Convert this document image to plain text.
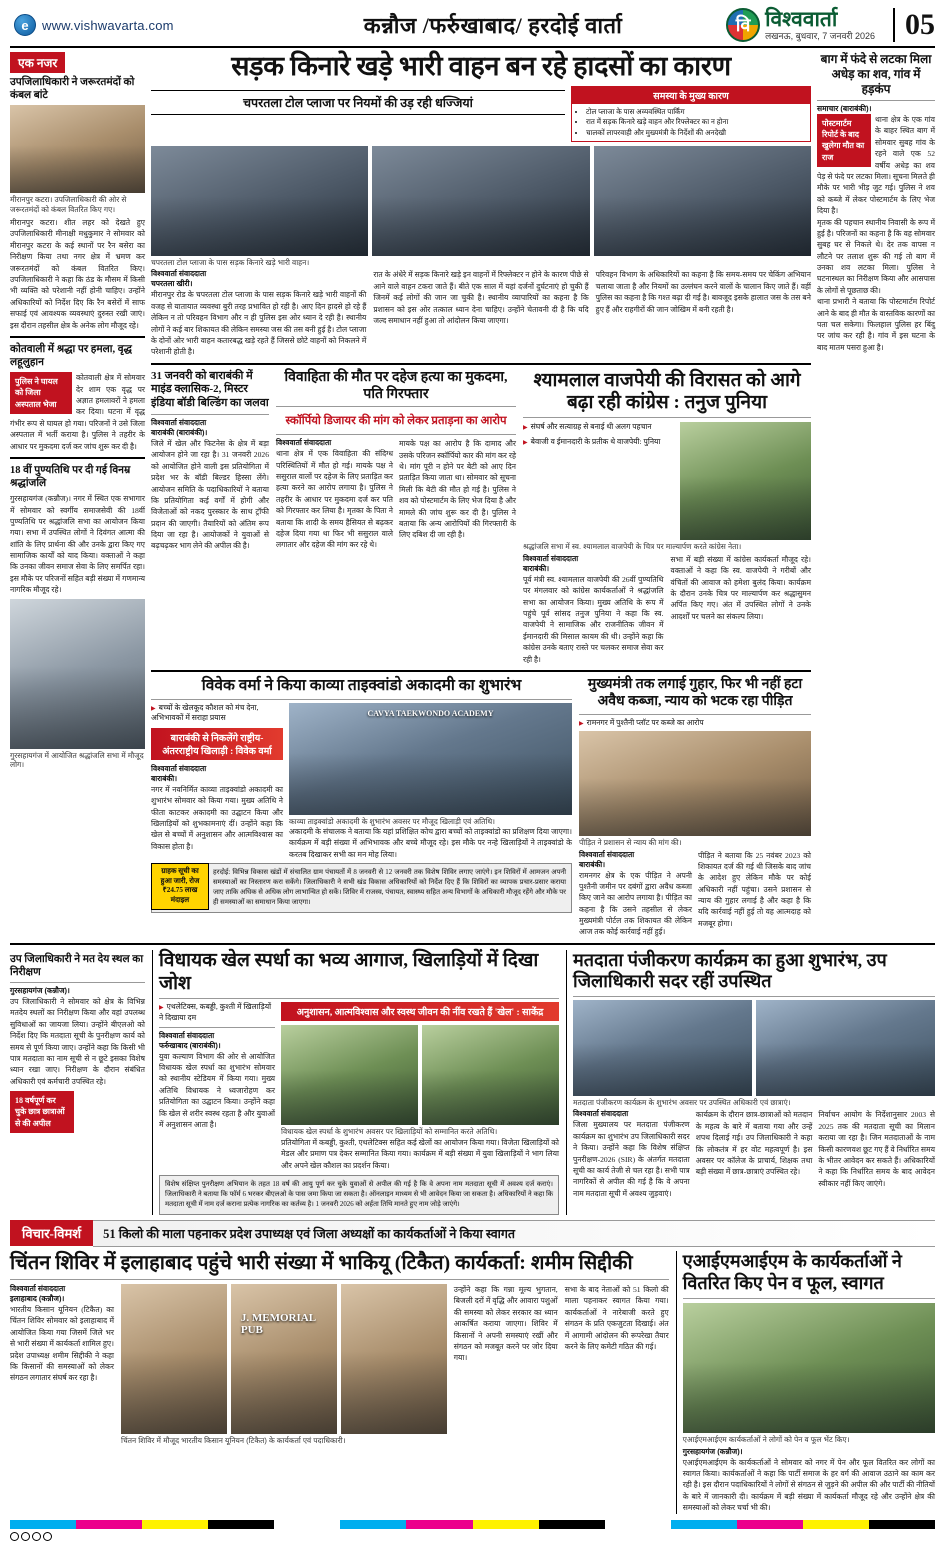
e	www.vishwavarta.com	कन्नौज /फर्रुखाबाद/ हरदोई वार्ता	वि विश्ववार्ता
लखनऊ, बुधवार, 7 जनवरी 2026	05
एक नजर
उपजिलाधिकारी ने जरूरतमंदों को कंबल बांटे
मीरानपुर कटरा। उपजिलाधिकारी की ओर से जरूरतमंदों को कंबल वितरित किए गए।
मीरानपुर कटरा। शीत लहर को देखते हुए उपजिलाधिकारी मीनाक्षी मधुकुमार ने सोमवार को मीरानपुर कटरा के कई स्थानों पर रैन बसेरा का निरीक्षण किया तथा नगर क्षेत्र में भ्रमण कर जरूरतमंदों को कंबल वितरित किए। उपजिलाधिकारी ने कहा कि ठंड के मौसम में किसी भी व्यक्ति को परेशानी नहीं होनी चाहिए। उन्होंने अधिकारियों को निर्देश दिए कि रैन बसेरों में साफ सफाई एवं आवश्यक व्यवस्थाएं दुरुस्त रखी जाएं। इस दौरान तहसील क्षेत्र के अनेक लोग मौजूद रहे।
कोतवाली में श्रद्धा पर हमला, वृद्ध लहूलुहान
पुलिस ने घायल को जिला अस्पताल भेजा
कोतवाली क्षेत्र में सोमवार देर शाम एक वृद्ध पर अज्ञात हमलावरों ने हमला कर दिया। घटना में वृद्ध गंभीर रूप से घायल हो गया। परिजनों ने उसे जिला अस्पताल में भर्ती कराया है। पुलिस ने तहरीर के आधार पर मुकदमा दर्ज कर जांच शुरू कर दी है।
18 वीं पुण्यतिथि पर दी गई विनम्र श्रद्धांजलि
गुरसहायगंज (कन्नौज)। नगर में स्थित एक सभागार में सोमवार को स्वर्गीय समाजसेवी की 18वीं पुण्यतिथि पर श्रद्धांजलि सभा का आयोजन किया गया। सभा में उपस्थित लोगों ने दिवंगत आत्मा की शांति के लिए प्रार्थना की और उनके द्वारा किए गए सामाजिक कार्यों को याद किया। वक्ताओं ने कहा कि उनका जीवन समाज सेवा के लिए समर्पित रहा। इस मौके पर परिजनों सहित बड़ी संख्या में गणमान्य नागरिक मौजूद रहे।
गुरसहायगंज में आयोजित श्रद्धांजलि सभा में मौजूद लोग।
सड़क किनारे खड़े भारी वाहन बन रहे हादसों का कारण
चपरतला टोल प्लाजा पर नियमों की उड़ रही धज्जियां	समस्या के मुख्य कारण
• टोल प्लाजा के पास अव्यवस्थित पार्किंग
• रात में सड़क किनारे खड़े वाहन और रिफ्लेक्टर का न होना
• चालकों लापरवाही और मुख्यमंत्री के निर्देशों की अनदेखी
चपरतला टोल प्लाजा के पास सड़क किनारे खड़े भारी वाहन।
विश्ववार्ता संवाददाता
चपरतला खीरी।
मीरानपुर रोड के चपरतला टोल प्लाजा के पास सड़क किनारे खड़े भारी वाहनों की वजह से यातायात व्यवस्था बुरी तरह प्रभावित हो रही है। आए दिन हादसे हो रहे हैं लेकिन न तो परिवहन विभाग और न ही पुलिस इस ओर ध्यान दे रही है। स्थानीय लोगों ने कई बार शिकायत की लेकिन समस्या जस की तस बनी हुई है। टोल प्लाजा के दोनों ओर भारी वाहन कतारबद्ध खड़े रहते हैं जिससे छोटे वाहनों को निकलने में परेशानी होती है।
रात के अंधेरे में सड़क किनारे खड़े इन वाहनों में रिफ्लेक्टर न होने के कारण पीछे से आने वाले वाहन टकरा जाते हैं। बीते एक साल में यहां दर्जनों दुर्घटनाएं हो चुकी हैं जिनमें कई लोगों की जान जा चुकी है। स्थानीय व्यापारियों का कहना है कि प्रशासन को इस ओर तत्काल ध्यान देना चाहिए। उन्होंने चेतावनी दी है कि यदि जल्द समाधान नहीं हुआ तो आंदोलन किया जाएगा।
परिवहन विभाग के अधिकारियों का कहना है कि समय-समय पर चेकिंग अभियान चलाया जाता है और नियमों का उल्लंघन करने वालों के चालान किए जाते हैं। वहीं पुलिस का कहना है कि गश्त बढ़ा दी गई है। बावजूद इसके हालात जस के तस बने हुए हैं और राहगीरों की जान जोखिम में बनी रहती है।
31 जनवरी को बाराबंकी में माइंड क्लासिक-2, मिस्टर इंडिया बॉडी बिल्डिंग का जलवा
विश्ववार्ता संवाददाता
बाराबंकी (बाराबंकी)।
जिले में खेल और फिटनेस के क्षेत्र में बड़ा आयोजन होने जा रहा है। 31 जनवरी 2026 को आयोजित होने वाली इस प्रतियोगिता में प्रदेश भर के बॉडी बिल्डर हिस्सा लेंगे। आयोजन समिति के पदाधिकारियों ने बताया कि प्रतियोगिता कई वर्गों में होगी और विजेताओं को नकद पुरस्कार के साथ ट्रॉफी प्रदान की जाएगी। तैयारियों को अंतिम रूप दिया जा रहा है। आयोजकों ने युवाओं से बढ़चढ़कर भाग लेने की अपील की है।
विवाहिता की मौत पर दहेज हत्या का मुकदमा, पति गिरफ्तार
स्कॉर्पियो डिजायर की मांग को लेकर प्रताड़ना का आरोप
विश्ववार्ता संवाददाता
थाना क्षेत्र में एक विवाहिता की संदिग्ध परिस्थितियों में मौत हो गई। मायके पक्ष ने ससुराल वालों पर दहेज के लिए प्रताड़ित कर हत्या करने का आरोप लगाया है। पुलिस ने तहरीर के आधार पर मुकदमा दर्ज कर पति को गिरफ्तार कर लिया है। मृतका के पिता ने बताया कि शादी के समय हैसियत से बढ़कर दहेज दिया गया था फिर भी ससुराल वाले लगातार और दहेज की मांग कर रहे थे।
मायके पक्ष का आरोप है कि दामाद और उसके परिजन स्कॉर्पियो कार की मांग कर रहे थे। मांग पूरी न होने पर बेटी को आए दिन प्रताड़ित किया जाता था। सोमवार को सूचना मिली कि बेटी की मौत हो गई है। पुलिस ने शव को पोस्टमार्टम के लिए भेज दिया है और मामले की जांच शुरू कर दी है। पुलिस ने बताया कि अन्य आरोपियों की गिरफ्तारी के लिए दबिश दी जा रही है।
श्यामलाल वाजपेयी की विरासत को आगे बढ़ा रही कांग्रेस : तनुज पुनिया
▶ संघर्ष और सत्याग्रह से बनाई थी अलग पहचान
▶ बेवाजी व ईमानदारी के प्रतीक थे वाजपेयी: पुनिया
श्रद्धांजलि सभा में स्व. श्यामलाल वाजपेयी के चित्र पर माल्यार्पण करते कांग्रेस नेता।
विश्ववार्ता संवाददाता
बाराबंकी।
पूर्व मंत्री स्व. श्यामलाल वाजपेयी की 26वीं पुण्यतिथि पर मंगलवार को कांग्रेस कार्यकर्ताओं ने श्रद्धांजलि सभा का आयोजन किया। मुख्य अतिथि के रूप में पहुंचे पूर्व सांसद तनुज पुनिया ने कहा कि स्व. वाजपेयी ने सामाजिक और राजनीतिक जीवन में ईमानदारी की मिसाल कायम की थी। उन्होंने कहा कि कांग्रेस उनके बताए रास्ते पर चलकर समाज सेवा कर रही है।
सभा में बड़ी संख्या में कांग्रेस कार्यकर्ता मौजूद रहे। वक्ताओं ने कहा कि स्व. वाजपेयी ने गरीबों और वंचितों की आवाज को हमेशा बुलंद किया। कार्यक्रम के दौरान उनके चित्र पर माल्यार्पण कर श्रद्धासुमन अर्पित किए गए। अंत में उपस्थित लोगों ने उनके आदर्शों पर चलने का संकल्प लिया।
विवेक वर्मा ने किया काव्या ताइक्वांडो अकादमी का शुभारंभ
▶ बच्चों के खेलकूद कौशल को मंच देना, अभिभावकों में सराहा प्रयास
बाराबंकी से निकलेंगे राष्ट्रीय-अंतरराष्ट्रीय खिलाड़ी : विवेक वर्मा
विश्ववार्ता संवाददाता
बाराबंकी।
नगर में नवनिर्मित काव्या ताइक्वांडो अकादमी का शुभारंभ सोमवार को किया गया। मुख्य अतिथि ने फीता काटकर अकादमी का उद्घाटन किया और खिलाड़ियों को शुभकामनाएं दीं। उन्होंने कहा कि खेल से बच्चों में अनुशासन और आत्मविश्वास का विकास होता है।
CAVYA TAEKWONDO ACADEMY
काव्या ताइक्वांडो अकादमी के शुभारंभ अवसर पर मौजूद खिलाड़ी एवं अतिथि।
अकादमी के संचालक ने बताया कि यहां प्रशिक्षित कोच द्वारा बच्चों को ताइक्वांडो का प्रशिक्षण दिया जाएगा। कार्यक्रम में बड़ी संख्या में अभिभावक और बच्चे मौजूद रहे। इस मौके पर नन्हे खिलाड़ियों ने ताइक्वांडो के करतब दिखाकर सभी का मन मोह लिया।
ग्राहक सूची का हुआ जारी, रोज ₹24.75 लाख मंदाइल
हरदोई: विभिन्न विकास खंडों में संचालित ग्राम पंचायतों में 8 जनवरी से 12 जनवरी तक विशेष शिविर लगाए जाएंगे। इन शिविरों में आमजन अपनी समस्याओं का निस्तारण करा सकेंगे। जिलाधिकारी ने सभी खंड विकास अधिकारियों को निर्देश दिए हैं कि शिविरों का व्यापक प्रचार-प्रसार कराया जाए ताकि अधिक से अधिक लोग लाभान्वित हो सकें। शिविर में राजस्व, पंचायत, स्वास्थ्य सहित अन्य विभागों के अधिकारी मौजूद रहेंगे और मौके पर ही समस्याओं का समाधान किया जाएगा।
मुख्यमंत्री तक लगाई गुहार, फिर भी नहीं हटा अवैध कब्जा, न्याय को भटक रहा पीड़ित
▶ रामनगर में पुश्तैनी प्लॉट पर कब्जे का आरोप
पीड़ित ने प्रशासन से न्याय की मांग की।
विश्ववार्ता संवाददाता
बाराबंकी।
रामनगर क्षेत्र के एक पीड़ित ने अपनी पुश्तैनी जमीन पर दबंगों द्वारा अवैध कब्जा किए जाने का आरोप लगाया है। पीड़ित का कहना है कि उसने तहसील से लेकर मुख्यमंत्री पोर्टल तक शिकायत की लेकिन आज तक कोई कार्रवाई नहीं हुई।
पीड़ित ने बताया कि 25 नवंबर 2023 को शिकायत दर्ज की गई थी जिसके बाद जांच के आदेश हुए लेकिन मौके पर कोई अधिकारी नहीं पहुंचा। उसने प्रशासन से न्याय की गुहार लगाई है और कहा है कि यदि कार्रवाई नहीं हुई तो वह आत्मदाह को मजबूर होगा।
बाग में फंदे से लटका मिला अधेड़ का शव, गांव में हड़कंप
समाचार (बाराबंकी)।
पोस्टमार्टम रिपोर्ट के बाद खुलेगा मौत का राज
थाना क्षेत्र के एक गांव के बाहर स्थित बाग में सोमवार सुबह गांव के रहने वाले एक 52 वर्षीय अधेड़ का शव पेड़ से फंदे पर लटका मिला। सूचना मिलते ही मौके पर भारी भीड़ जुट गई। पुलिस ने शव को कब्जे में लेकर पोस्टमार्टम के लिए भेज दिया है।
मृतक की पहचान स्थानीय निवासी के रूप में हुई है। परिजनों का कहना है कि वह सोमवार सुबह घर से निकले थे। देर तक वापस न लौटने पर तलाश शुरू की गई तो बाग में उनका शव लटका मिला। पुलिस ने घटनास्थल का निरीक्षण किया और आसपास के लोगों से पूछताछ की।
थाना प्रभारी ने बताया कि पोस्टमार्टम रिपोर्ट आने के बाद ही मौत के वास्तविक कारणों का पता चल सकेगा। फिलहाल पुलिस हर बिंदु पर जांच कर रही है। गांव में इस घटना के बाद मातम पसरा हुआ है।
उप जिलाधिकारी ने मत देय स्थल का निरीक्षण
गुरसहायगंज (कन्नौज)।
उप जिलाधिकारी ने सोमवार को क्षेत्र के विभिन्न मतदेय स्थलों का निरीक्षण किया और वहां उपलब्ध सुविधाओं का जायजा लिया। उन्होंने बीएलओ को निर्देश दिए कि मतदाता सूची के पुनरीक्षण कार्य को समय से पूर्ण किया जाए। उन्होंने कहा कि किसी भी पात्र मतदाता का नाम सूची से न छूटे इसका विशेष ध्यान रखा जाए। निरीक्षण के दौरान संबंधित अधिकारी एवं कर्मचारी उपस्थित रहे।
18 वर्षपूर्ण कर चुके छात्र छात्राओं से की अपील
विधायक खेल स्पर्धा का भव्य आगाज, खिलाड़ियों में दिखा जोश
▶ एथलेटिक्स, कबड्डी, कुश्ती में खिलाड़ियों ने दिखाया दम
विश्ववार्ता संवाददाता
फर्रुखाबाद (बाराबंकी)।
युवा कल्याण विभाग की ओर से आयोजित विधायक खेल स्पर्धा का शुभारंभ सोमवार को स्थानीय स्टेडियम में किया गया। मुख्य अतिथि विधायक ने ध्वजारोहण कर प्रतियोगिता का उद्घाटन किया। उन्होंने कहा कि खेल से शरीर स्वस्थ रहता है और युवाओं में अनुशासन आता है।
अनुशासन, आत्मविश्वास और स्वस्थ जीवन की नींव रखते हैं 'खेल' : साकेंद्र
विधायक खेल स्पर्धा के शुभारंभ अवसर पर खिलाड़ियों को सम्मानित करते अतिथि।
प्रतियोगिता में कबड्डी, कुश्ती, एथलेटिक्स सहित कई खेलों का आयोजन किया गया। विजेता खिलाड़ियों को मेडल और प्रमाण पत्र देकर सम्मानित किया गया। कार्यक्रम में बड़ी संख्या में युवा खिलाड़ियों ने भाग लिया और अपने खेल कौशल का प्रदर्शन किया।
विशेष संक्षिप्त पुनरीक्षण अभियान के तहत 18 वर्ष की आयु पूर्ण कर चुके युवाओं से अपील की गई है कि वे अपना नाम मतदाता सूची में अवश्य दर्ज कराएं। जिलाधिकारी ने बताया कि फॉर्म 6 भरकर बीएलओ के पास जमा किया जा सकता है। ऑनलाइन माध्यम से भी आवेदन किया जा सकता है। अधिकारियों ने कहा कि मतदाता सूची में नाम दर्ज कराना प्रत्येक नागरिक का कर्तव्य है। 1 जनवरी 2026 को अर्हता तिथि मानते हुए नाम जोड़े जाएंगे।
मतदाता पंजीकरण कार्यक्रम का हुआ शुभारंभ, उप जिलाधिकारी सदर रहीं उपस्थित
मतदाता पंजीकरण कार्यक्रम के शुभारंभ अवसर पर उपस्थित अधिकारी एवं छात्राएं।
विश्ववार्ता संवाददाता
जिला मुख्यालय पर मतदाता पंजीकरण कार्यक्रम का शुभारंभ उप जिलाधिकारी सदर ने किया। उन्होंने कहा कि विशेष संक्षिप्त पुनरीक्षण-2026 (SIR) के अंतर्गत मतदाता सूची का कार्य तेजी से चल रहा है। सभी पात्र नागरिकों से अपील की गई है कि वे अपना नाम मतदाता सूची में अवश्य जुड़वाएं।
कार्यक्रम के दौरान छात्र-छात्राओं को मतदान के महत्व के बारे में बताया गया और उन्हें शपथ दिलाई गई। उप जिलाधिकारी ने कहा कि लोकतंत्र में हर वोट महत्वपूर्ण है। इस अवसर पर कॉलेज के प्राचार्य, शिक्षक तथा बड़ी संख्या में छात्र-छात्राएं उपस्थित रहे।
निर्वाचन आयोग के निर्देशानुसार 2003 से 2025 तक की मतदाता सूची का मिलान कराया जा रहा है। जिन मतदाताओं के नाम किसी कारणवश छूट गए हैं वे निर्धारित समय के भीतर आवेदन कर सकते हैं। अधिकारियों ने कहा कि निर्धारित समय के बाद आवेदन स्वीकार नहीं किए जाएंगे।
विचार-विमर्श	51 किलो की माला पहनाकर प्रदेश उपाध्यक्ष एवं जिला अध्यक्षों का कार्यकर्ताओं ने किया स्वागत
चिंतन शिविर में इलाहाबाद पहुंचे भारी संख्या में भाकियू (टिकैत) कार्यकर्ता: शमीम सिद्दीकी
विश्ववार्ता संवाददाता
इलाहाबाद (कन्नौज)।
भारतीय किसान यूनियन (टिकैत) का चिंतन शिविर सोमवार को इलाहाबाद में आयोजित किया गया जिसमें जिले भर से भारी संख्या में कार्यकर्ता शामिल हुए। प्रदेश उपाध्यक्ष शमीम सिद्दीकी ने कहा कि किसानों की समस्याओं को लेकर संगठन लगातार संघर्ष कर रहा है।
J. MEMORIAL PUB
चिंतन शिविर में मौजूद भारतीय किसान यूनियन (टिकैत) के कार्यकर्ता एवं पदाधिकारी।
उन्होंने कहा कि गन्ना मूल्य भुगतान, बिजली दरों में वृद्धि और आवारा पशुओं की समस्या को लेकर सरकार का ध्यान आकर्षित कराया जाएगा। शिविर में किसानों ने अपनी समस्याएं रखीं और संगठन को मजबूत करने पर जोर दिया गया।
सभा के बाद नेताओं को 51 किलो की माला पहनाकर स्वागत किया गया। कार्यकर्ताओं ने नारेबाजी करते हुए संगठन के प्रति एकजुटता दिखाई। अंत में आगामी आंदोलन की रूपरेखा तैयार करने के लिए कमेटी गठित की गई।
एआईएमआईएम के कार्यकर्ताओं ने वितरित किए पेन व फूल, स्वागत
एआईएमआईएम कार्यकर्ताओं ने लोगों को पेन व फूल भेंट किए।
गुरसहायगंज (कन्नौज)।
एआईएमआईएम के कार्यकर्ताओं ने सोमवार को नगर में पेन और फूल वितरित कर लोगों का स्वागत किया। कार्यकर्ताओं ने कहा कि पार्टी समाज के हर वर्ग की आवाज उठाने का काम कर रही है। इस दौरान पदाधिकारियों ने लोगों से संगठन से जुड़ने की अपील की और पार्टी की नीतियों के बारे में जानकारी दी। कार्यक्रम में बड़ी संख्या में कार्यकर्ता मौजूद रहे और उन्होंने क्षेत्र की समस्याओं को लेकर चर्चा भी की।
